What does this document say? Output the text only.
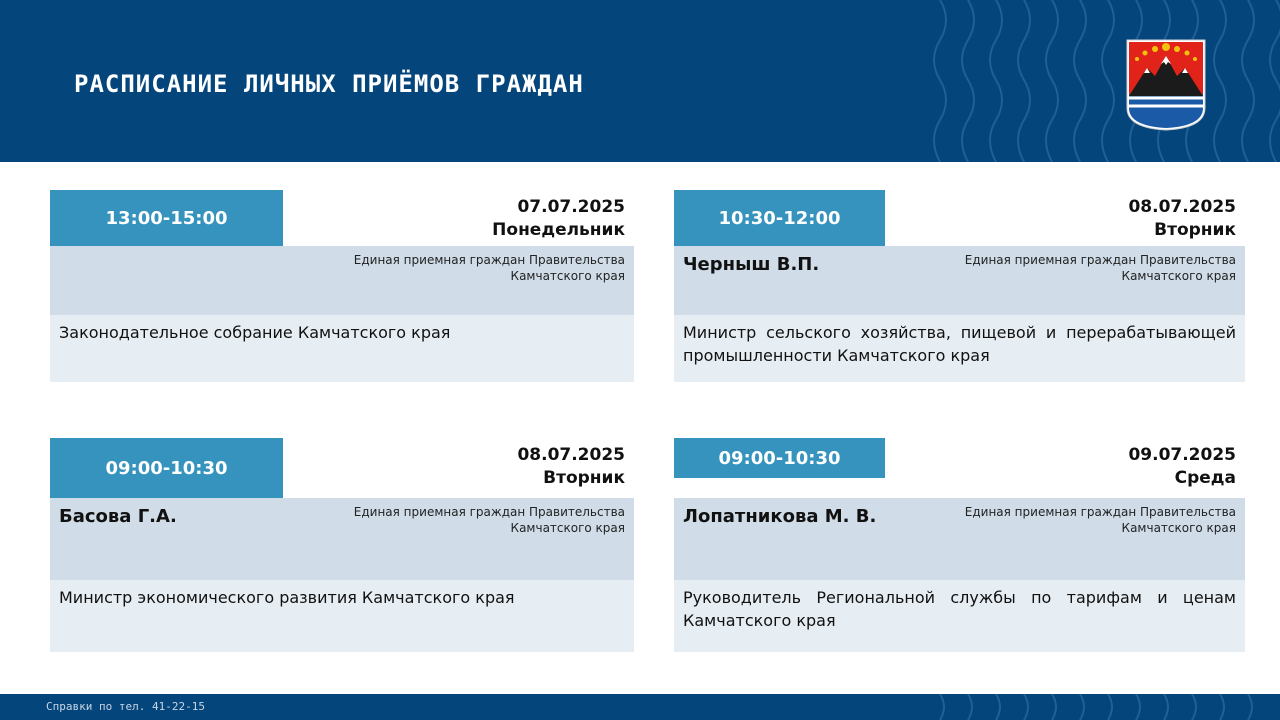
РАСПИСАНИЕ ЛИЧНЫХ ПРИЁМОВ ГРАЖДАН
13:00-15:00
07.07.2025
Понедельник
Единая приемная граждан Правительства Камчатского края
Законодательное собрание Камчатского края
10:30-12:00
08.07.2025
Вторник
Черныш В.П.	Единая приемная граждан Правительства Камчатского края
Министр сельского хозяйства, пищевой и перерабатывающей промышленности Камчатского края
09:00-10:30
08.07.2025
Вторник
Басова Г.А.	Единая приемная граждан Правительства Камчатского края
Министр экономического развития Камчатского края
09:00-10:30	09.07.2025
Среда
Лопатникова М. В.	Единая приемная граждан Правительства Камчатского края
Руководитель Региональной службы по тарифам и ценам Камчатского края

Справки по тел. 41-22-15
